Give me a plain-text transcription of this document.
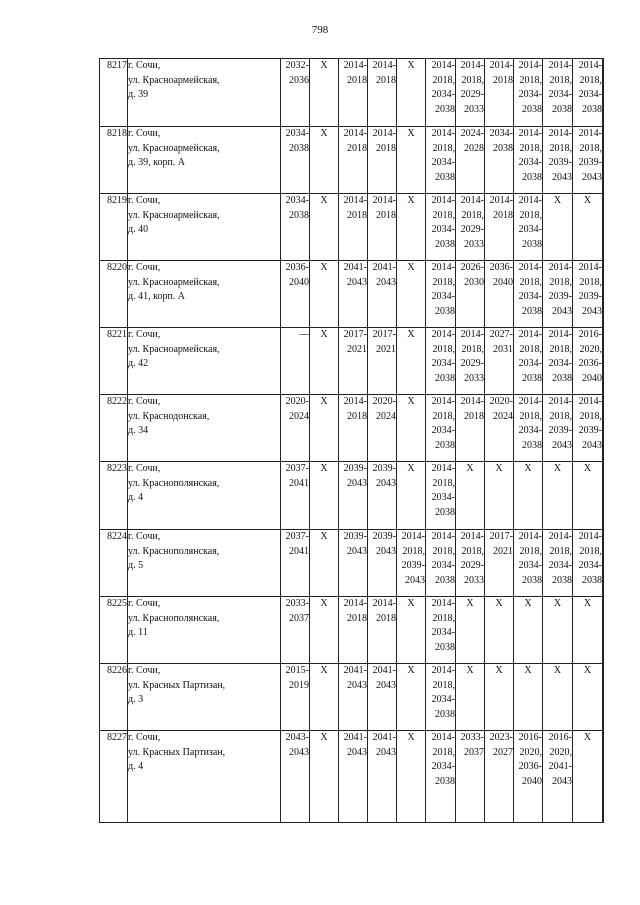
798
8217	г. Сочи,
ул. Красноармейская,
д. 39	2032-
2036	X	2014-
2018	2014-
2018	X	2014-
2018,
2034-
2038	2014-
2018,
2029-
2033	2014-
2018	2014-
2018,
2034-
2038	2014-
2018,
2034-
2038	2014-
2018,
2034-
2038	

8218	г. Сочи,
ул. Красноармейская,
д. 39, корп. А	2034-
2038	X	2014-
2018	2014-
2018	X	2014-
2018,
2034-
2038	2024-
2028	2034-
2038	2014-
2018,
2034-
2038	2014-
2018,
2039-
2043	2014-
2018,
2039-
2043	

8219	г. Сочи,
ул. Красноармейская,
д. 40	2034-
2038	X	2014-
2018	2014-
2018	X	2014-
2018,
2034-
2038	2014-
2018,
2029-
2033	2014-
2018	2014-
2018,
2034-
2038	X	X	

8220	г. Сочи,
ул. Красноармейская,
д. 41, корп. А	2036-
2040	X	2041-
2043	2041-
2043	X	2014-
2018,
2034-
2038	2026-
2030	2036-
2040	2014-
2018,
2034-
2038	2014-
2018,
2039-
2043	2014-
2018,
2039-
2043	

8221	г. Сочи,
ул. Красноармейская,
д. 42	—	X	2017-
2021	2017-
2021	X	2014-
2018,
2034-
2038	2014-
2018,
2029-
2033	2027-
2031	2014-
2018,
2034-
2038	2014-
2018,
2034-
2038	2016-
2020,
2036-
2040	

8222	г. Сочи,
ул. Краснодонская,
д. 34	2020-
2024	X	2014-
2018	2020-
2024	X	2014-
2018,
2034-
2038	2014-
2018	2020-
2024	2014-
2018,
2034-
2038	2014-
2018,
2039-
2043	2014-
2018,
2039-
2043	

8223	г. Сочи,
ул. Краснополянская,
д. 4	2037-
2041	X	2039-
2043	2039-
2043	X	2014-
2018,
2034-
2038	X	X	X	X	X	

8224	г. Сочи,
ул. Краснополянская,
д. 5	2037-
2041	X	2039-
2043	2039-
2043	2014-
2018,
2039-
2043	2014-
2018,
2034-
2038	2014-
2018,
2029-
2033	2017-
2021	2014-
2018,
2034-
2038	2014-
2018,
2034-
2038	2014-
2018,
2034-
2038	

8225	г. Сочи,
ул. Краснополянская,
д. 11	2033-
2037	X	2014-
2018	2014-
2018	X	2014-
2018,
2034-
2038	X	X	X	X	X	

8226	г. Сочи,
ул. Красных Партизан,
д. 3	2015-
2019	X	2041-
2043	2041-
2043	X	2014-
2018,
2034-
2038	X	X	X	X	X	

8227	г. Сочи,
ул. Красных Партизан,
д. 4	2043-
2043	X	2041-
2043	2041-
2043	X	2014-
2018,
2034-
2038	2033-
2037	2023-
2027	2016-
2020,
2036-
2040	2016-
2020,
2041-
2043	X	
